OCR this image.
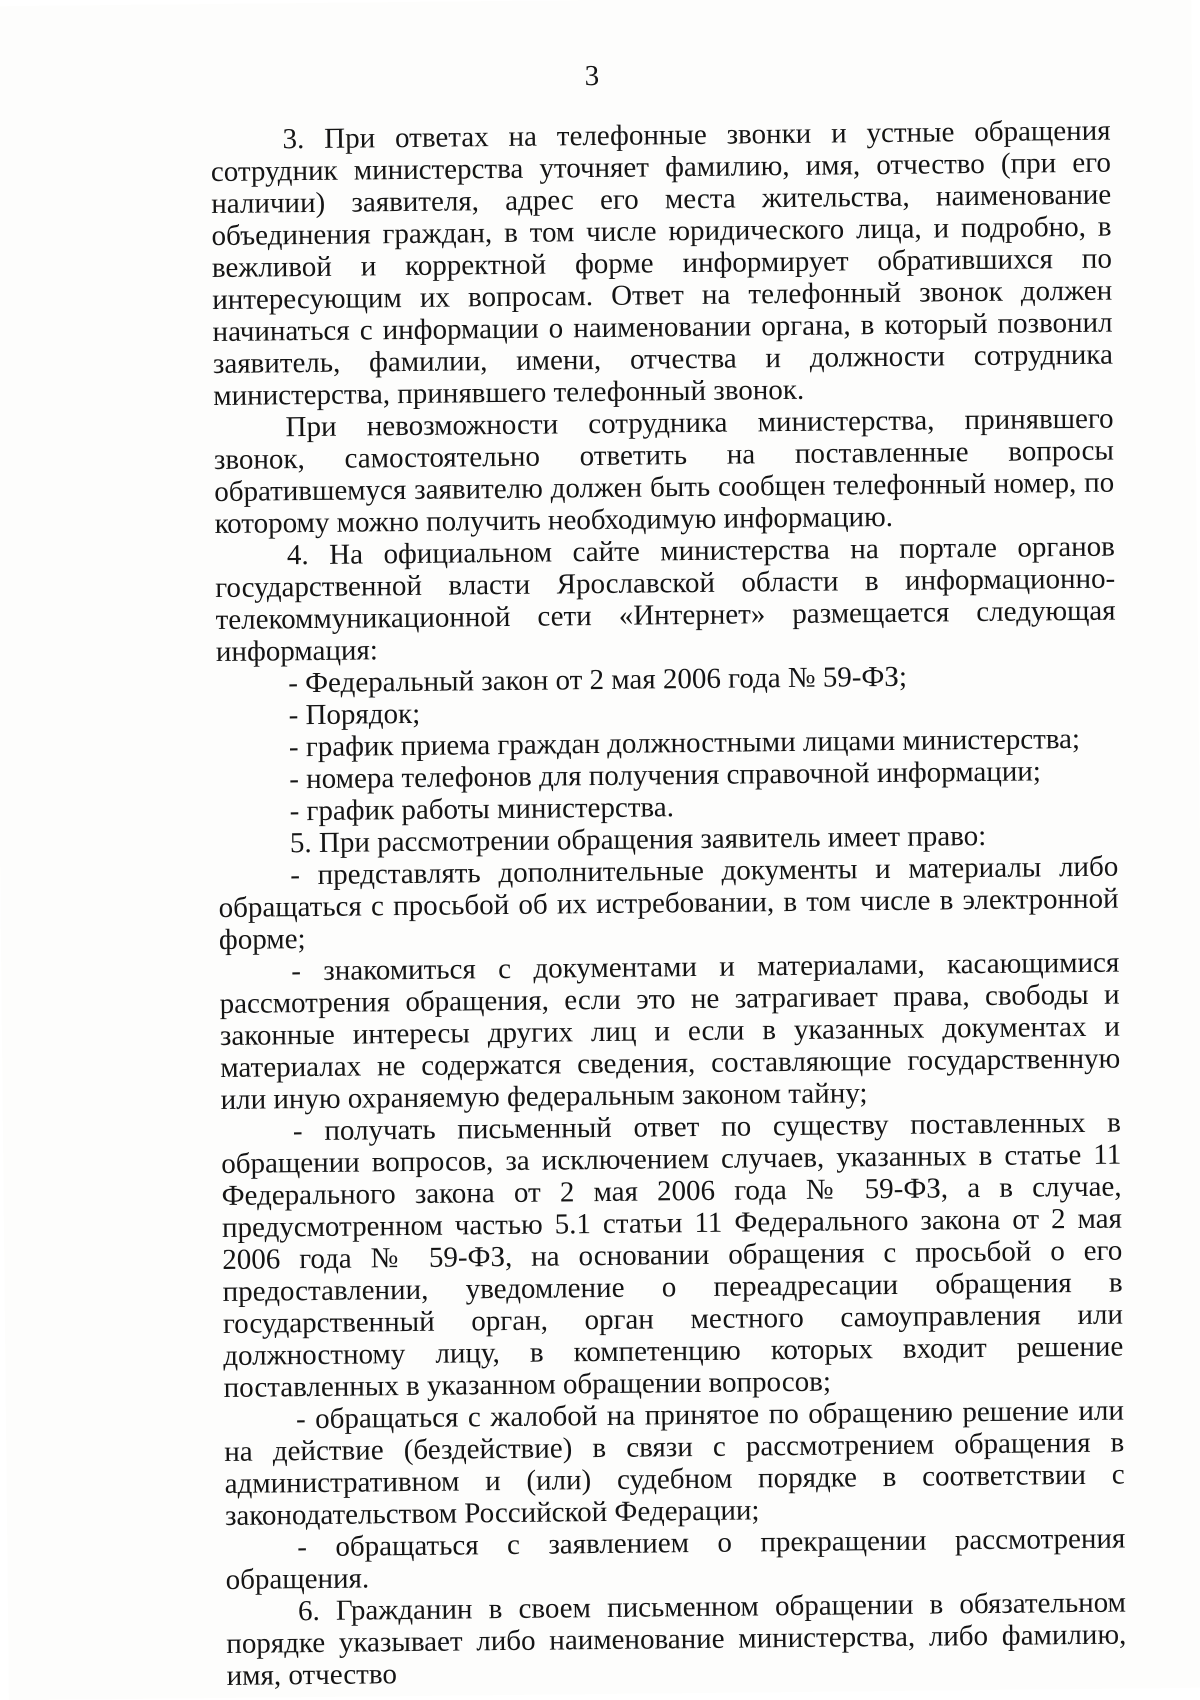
3

3. При ответах на телефонные звонки и устные обращения сотрудник министерства уточняет фамилию, имя, отчество (при его наличии) заявителя, адрес его места жительства, наименование объединения граждан, в том числе юридического лица, и подробно, в вежливой и корректной форме информирует обратившихся по интересующим их вопросам. Ответ на телефонный звонок должен начинаться с информации о наименовании органа, в который позвонил заявитель, фамилии, имени, отчества и должности сотрудника министерства, принявшего телефонный звонок.

При невозможности сотрудника министерства, принявшего звонок, самостоятельно ответить на поставленные вопросы обратившемуся заявителю должен быть сообщен телефонный номер, по которому можно получить необходимую информацию.

4. На официальном сайте министерства на портале органов государственной власти Ярославской области в информационно-телекоммуникационной сети «Интернет» размещается следующая информация:

- Федеральный закон от 2 мая 2006 года № 59-ФЗ;

- Порядок;

- график приема граждан должностными лицами министерства;

- номера телефонов для получения справочной информации;

- график работы министерства.

5. При рассмотрении обращения заявитель имеет право:

- представлять дополнительные документы и материалы либо обращаться с просьбой об их истребовании, в том числе в электронной форме;

- знакомиться с документами и материалами, касающимися рассмотрения обращения, если это не затрагивает права, свободы и законные интересы других лиц и если в указанных документах и материалах не содержатся сведения, составляющие государственную или иную охраняемую федеральным законом тайну;

- получать письменный ответ по существу поставленных в обращении вопросов, за исключением случаев, указанных в статье 11 Федерального закона от 2 мая 2006 года № 59-ФЗ, а в случае, предусмотренном частью 5.1 статьи 11 Федерального закона от 2 мая 2006 года № 59-ФЗ, на основании обращения с просьбой о его предоставлении, уведомление о переадресации обращения в государственный орган, орган местного самоуправления или должностному лицу, в компетенцию которых входит решение поставленных в указанном обращении вопросов;

- обращаться с жалобой на принятое по обращению решение или на действие (бездействие) в связи с рассмотрением обращения в административном и (или) судебном порядке в соответствии с законодательством Российской Федерации;

- обращаться с заявлением о прекращении рассмотрения обращения.

6. Гражданин в своем письменном обращении в обязательном порядке указывает либо наименование министерства, либо фамилию, имя, отчество
